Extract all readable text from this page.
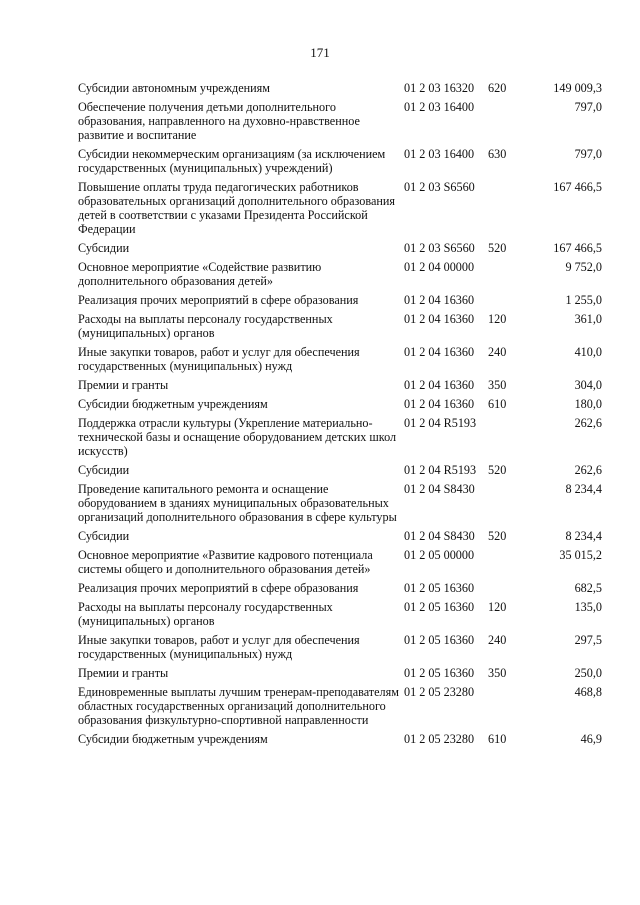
171
Субсидии автономным учреждениям	01 2 03 16320	620	149 009,3
Обеспечение получения детьми дополнительного образования, направленного на духовно-нравственное развитие и воспитание	01 2 03 16400		797,0
Субсидии некоммерческим организациям (за исключением государственных (муниципальных) учреждений)	01 2 03 16400	630	797,0
Повышение оплаты труда педагогических работников образовательных организаций дополнительного образования детей в соответствии с указами Президента Российской Федерации	01 2 03 S6560		167 466,5
Субсидии	01 2 03 S6560	520	167 466,5
Основное мероприятие «Содействие развитию дополнительного образования детей»	01 2 04 00000		9 752,0
Реализация прочих мероприятий в сфере образования	01 2 04 16360		1 255,0
Расходы на выплаты персоналу государственных (муниципальных) органов	01 2 04 16360	120	361,0
Иные закупки товаров, работ и услуг для обеспечения государственных (муниципальных) нужд	01 2 04 16360	240	410,0
Премии и гранты	01 2 04 16360	350	304,0
Субсидии бюджетным учреждениям	01 2 04 16360	610	180,0
Поддержка отрасли культуры (Укрепление материально-технической базы и оснащение оборудованием детских школ искусств)	01 2 04 R5193		262,6
Субсидии	01 2 04 R5193	520	262,6
Проведение капитального ремонта и оснащение оборудованием в зданиях муниципальных образовательных организаций дополнительного образования в сфере культуры	01 2 04 S8430		8 234,4
Субсидии	01 2 04 S8430	520	8 234,4
Основное мероприятие «Развитие кадрового потенциала системы общего и дополнительного образования детей»	01 2 05 00000		35 015,2
Реализация прочих мероприятий в сфере образования	01 2 05 16360		682,5
Расходы на выплаты персоналу государственных (муниципальных) органов	01 2 05 16360	120	135,0
Иные закупки товаров, работ и услуг для обеспечения государственных (муниципальных) нужд	01 2 05 16360	240	297,5
Премии и гранты	01 2 05 16360	350	250,0
Единовременные выплаты лучшим тренерам-преподавателям областных государственных организаций дополнительного образования физкультурно-спортивной направленности	01 2 05 23280		468,8
Субсидии бюджетным учреждениям	01 2 05 23280	610	46,9
